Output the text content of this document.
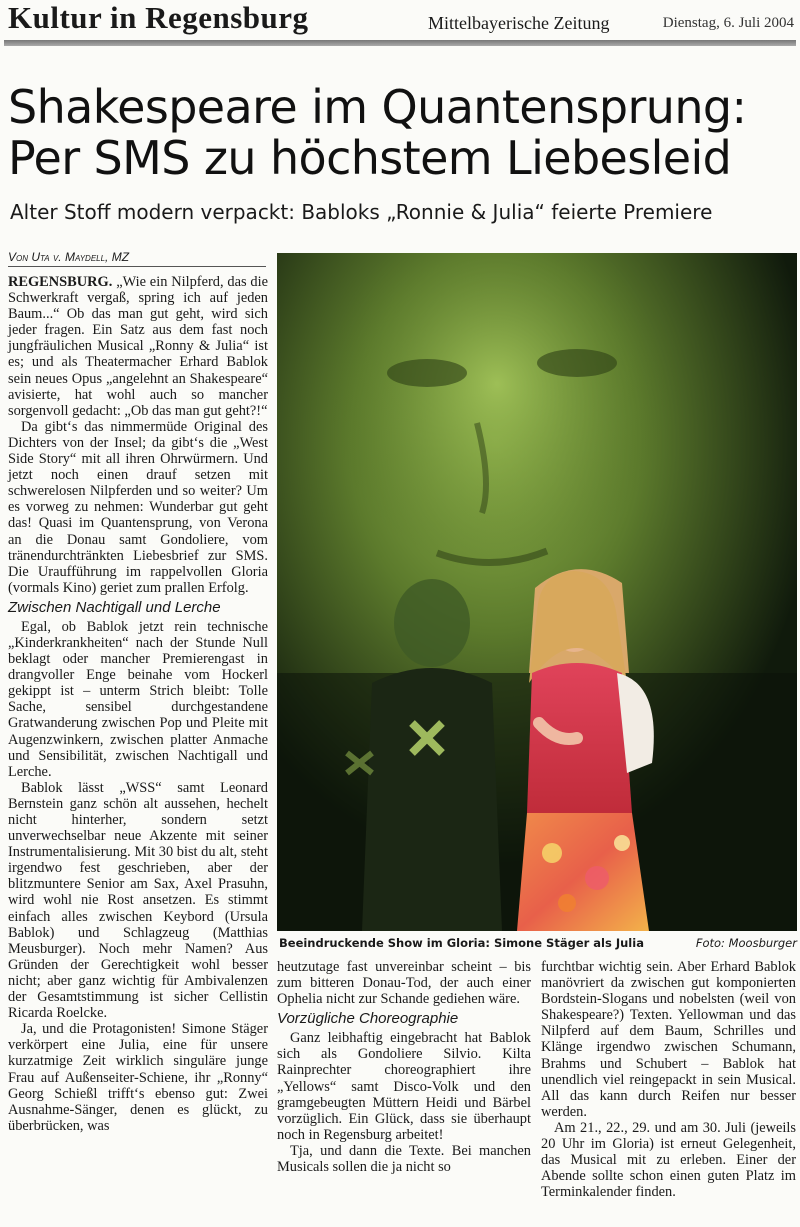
Kultur in Regensburg	Mittelbayerische Zeitung	Dienstag, 6. Juli 2004
Shakespeare im Quantensprung:
Per SMS zu höchstem Liebesleid
Alter Stoff modern verpackt: Babloks „Ronnie & Julia“ feierte Premiere
Von Uta v. Maydell, MZ

REGENSBURG. „Wie ein Nilpferd, das die Schwerkraft vergaß, spring ich auf jeden Baum...“ Ob das man gut geht, wird sich jeder fragen. Ein Satz aus dem fast noch jungfräulichen Musical „Ronny & Julia“ ist es; und als Theatermacher Erhard Bablok sein neues Opus „angelehnt an Shakespeare“ avisierte, hat wohl auch so mancher sorgenvoll gedacht: „Ob das man gut geht?!“

Da gibt‘s das nimmermüde Original des Dichters von der Insel; da gibt‘s die „West Side Story“ mit all ihren Ohrwürmern. Und jetzt noch einen drauf setzen mit schwerelosen Nilpferden und so weiter? Um es vorweg zu nehmen: Wunderbar gut geht das! Quasi im Quantensprung, von Verona an die Donau samt Gondoliere, vom tränendurchtränkten Liebesbrief zur SMS. Die Uraufführung im rappelvollen Gloria (vormals Kino) geriet zum prallen Erfolg.

Zwischen Nachtigall und Lerche

Egal, ob Bablok jetzt rein technische „Kinderkrankheiten“ nach der Stunde Null beklagt oder mancher Premierengast in drangvoller Enge beinahe vom Hockerl gekippt ist – unterm Strich bleibt: Tolle Sache, sensibel durchgestandene Gratwanderung zwischen Pop und Pleite mit Augenzwinkern, zwischen platter Anmache und Sensibilität, zwischen Nachtigall und Lerche.

Bablok lässt „WSS“ samt Leonard Bernstein ganz schön alt aussehen, hechelt nicht hinterher, sondern setzt unverwechselbar neue Akzente mit seiner Instrumentalisierung. Mit 30 bist du alt, steht irgendwo fest geschrieben, aber der blitzmuntere Senior am Sax, Axel Prasuhn, wird wohl nie Rost ansetzen. Es stimmt einfach alles zwischen Keybord (Ursula Bablok) und Schlagzeug (Matthias Meusburger). Noch mehr Namen? Aus Gründen der Gerechtigkeit wohl besser nicht; aber ganz wichtig für Ambivalenzen der Gesamtstimmung ist sicher Cellistin Ricarda Roelcke.

Ja, und die Protagonisten! Simone Stäger verkörpert eine Julia, eine für unsere kurzatmige Zeit wirklich singuläre junge Frau auf Außenseiter-Schiene, ihr „Ronny“ Georg Schießl trifft‘s ebenso gut: Zwei Ausnahme-Sänger, denen es glückt, zu überbrücken, was

Beeindruckende Show im Gloria: Simone Stäger als Julia	Foto: Moosburger

heutzutage fast unvereinbar scheint – bis zum bitteren Donau-Tod, der auch einer Ophelia nicht zur Schande gediehen wäre.

Vorzügliche Choreographie

Ganz leibhaftig eingebracht hat Bablok sich als Gondoliere Silvio. Kilta Rainprechter choreographiert ihre „Yellows“ samt Disco-Volk und den gramgebeugten Müttern Heidi und Bärbel vorzüglich. Ein Glück, dass sie überhaupt noch in Regensburg arbeitet!

Tja, und dann die Texte. Bei manchen Musicals sollen die ja nicht so

furchtbar wichtig sein. Aber Erhard Bablok manövriert da zwischen gut komponierten Bordstein-Slogans und nobelsten (weil von Shakespeare?) Texten. Yellowman und das Nilpferd auf dem Baum, Schrilles und Klänge irgendwo zwischen Schumann, Brahms und Schubert – Bablok hat unendlich viel reingepackt in sein Musical. All das kann durch Reifen nur besser werden.

Am 21., 22., 29. und am 30. Juli (jeweils 20 Uhr im Gloria) ist erneut Gelegenheit, das Musical mit zu erleben. Einer der Abende sollte schon einen guten Platz im Terminkalender finden.
